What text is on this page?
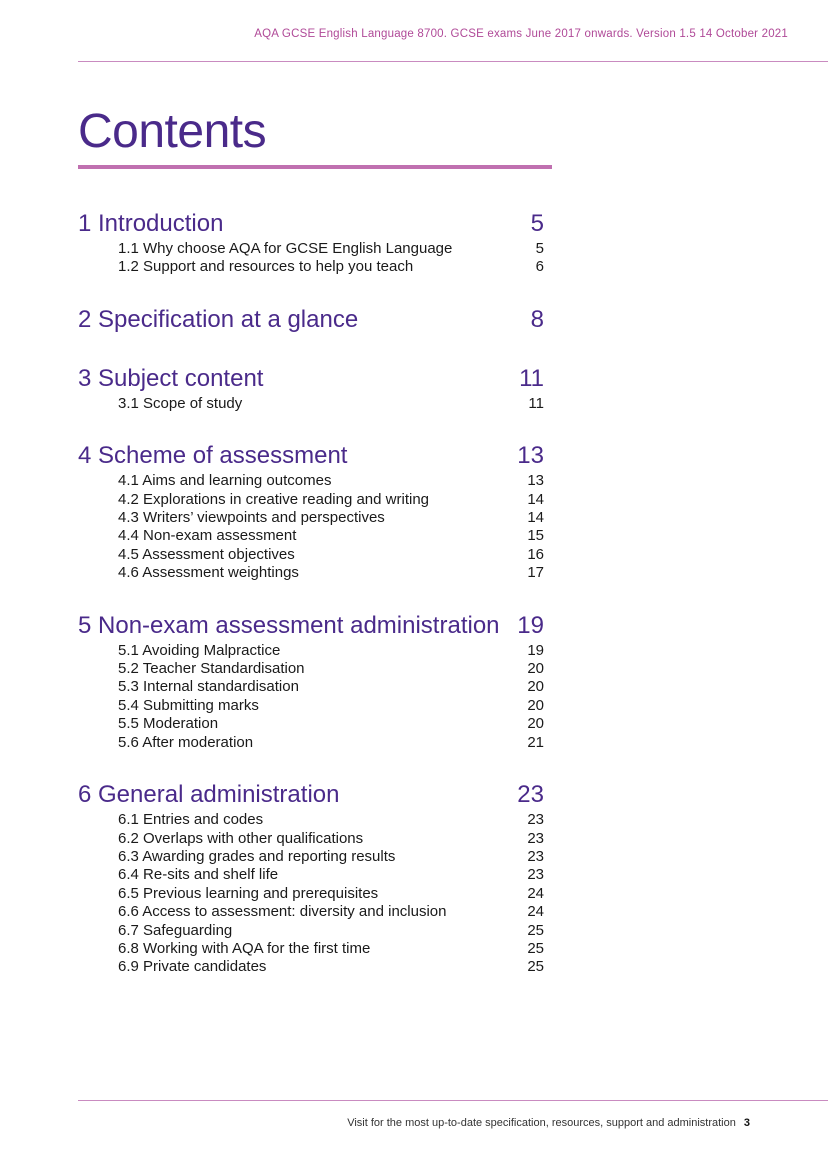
AQA GCSE English Language 8700. GCSE exams June 2017 onwards. Version 1.5 14 October 2021
Contents
1 Introduction	5
1.1 Why choose AQA for GCSE English Language	5
1.2 Support and resources to help you teach	6
2 Specification at a glance	8
3 Subject content	11
3.1 Scope of study	11
4 Scheme of assessment	13
4.1 Aims and learning outcomes	13
4.2 Explorations in creative reading and writing	14
4.3 Writers’ viewpoints and perspectives	14
4.4 Non-exam assessment	15
4.5 Assessment objectives	16
4.6 Assessment weightings	17
5 Non-exam assessment administration 19
5.1 Avoiding Malpractice	19
5.2 Teacher Standardisation	20
5.3 Internal standardisation	20
5.4 Submitting marks	20
5.5 Moderation	20
5.6 After moderation	21
6 General administration	23
6.1 Entries and codes	23
6.2 Overlaps with other qualifications	23
6.3 Awarding grades and reporting results	23
6.4 Re-sits and shelf life	23
6.5 Previous learning and prerequisites	24
6.6 Access to assessment: diversity and inclusion	24
6.7 Safeguarding	25
6.8 Working with AQA for the first time	25
6.9 Private candidates	25
Visit for the most up-to-date specification, resources, support and administration 3
